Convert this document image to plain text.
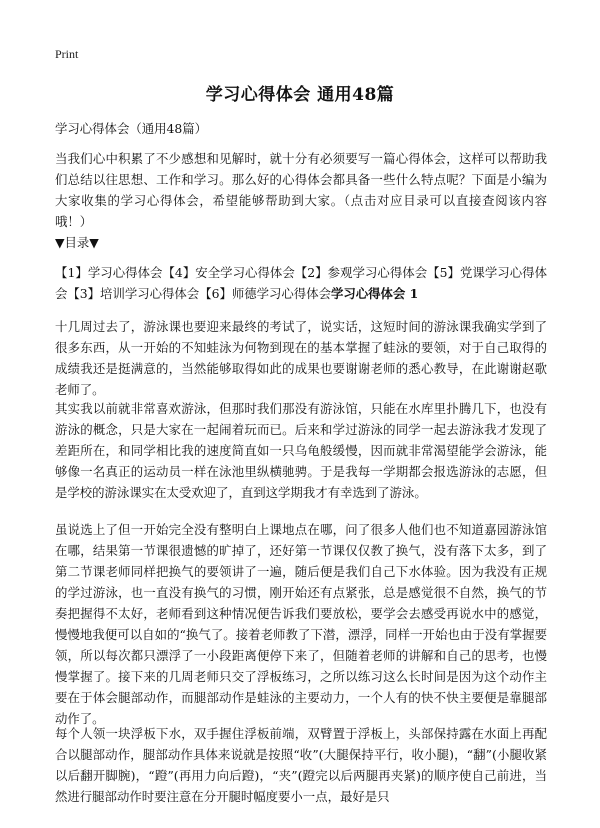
Print
学习心得体会 通用48篇
学习心得体会（通用48篇）
当我们心中积累了不少感想和见解时，就十分有必须要写一篇心得体会，这样可以帮助我们总结以往思想、工作和学习。那么好的心得体会都具备一些什么特点呢？下面是小编为大家收集的学习心得体会，希望能够帮助到大家。（点击对应目录可以直接查阅该内容哦！）
▼目录▼
【1】学习心得体会【4】安全学习心得体会【2】参观学习心得体会【5】党课学习心得体会【3】培训学习心得体会【6】师德学习心得体会学习心得体会 1
十几周过去了，游泳课也要迎来最终的考试了，说实话，这短时间的游泳课我确实学到了很多东西，从一开始的不知蛙泳为何物到现在的基本掌握了蛙泳的要领，对于自己取得的成绩我还是挺满意的，当然能够取得如此的成果也要谢谢老师的悉心教导，在此谢谢赵歌老师了。
其实我以前就非常喜欢游泳，但那时我们那没有游泳馆，只能在水库里扑腾几下，也没有游泳的概念，只是大家在一起闹着玩而已。后来和学过游泳的同学一起去游泳我才发现了差距所在，和同学相比我的速度简直如一只乌龟般缓慢，因而就非常渴望能学会游泳，能够像一名真正的运动员一样在泳池里纵横驰骋。于是我每一学期都会报选游泳的志愿，但是学校的游泳课实在太受欢迎了，直到这学期我才有幸选到了游泳。
虽说选上了但一开始完全没有整明白上课地点在哪，问了很多人他们也不知道嘉园游泳馆在哪，结果第一节课很遗憾的旷掉了，还好第一节课仅仅教了换气，没有落下太多，到了第二节课老师同样把换气的要领讲了一遍，随后便是我们自己下水体验。因为我没有正规的学过游泳，也一直没有换气的习惯，刚开始还有点紧张，总是感觉很不自然，换气的节奏把握得不太好，老师看到这种情况便告诉我们要放松，要学会去感受再说水中的感觉，慢慢地我便可以自如的“换气了。接着老师教了下潜，漂浮，同样一开始也由于没有掌握要领，所以每次都只漂浮了一小段距离便停下来了，但随着老师的讲解和自己的思考，也慢慢掌握了。接下来的几周老师只交了浮板练习，之所以练习这么长时间是因为这个动作主要在于体会腿部动作，而腿部动作是蛙泳的主要动力，一个人有的快不快主要便是靠腿部动作了。
每个人领一块浮板下水，双手握住浮板前端，双臂置于浮板上，头部保持露在水面上再配合以腿部动作，腿部动作具体来说就是按照“收”(大腿保持平行，收小腿)，“翻”(小腿收紧以后翻开脚腕)，“蹬”(再用力向后蹬)，“夹”(蹬完以后两腿再夹紧)的顺序使自己前进，当然进行腿部动作时要注意在分开腿时幅度要小一点，最好是只
